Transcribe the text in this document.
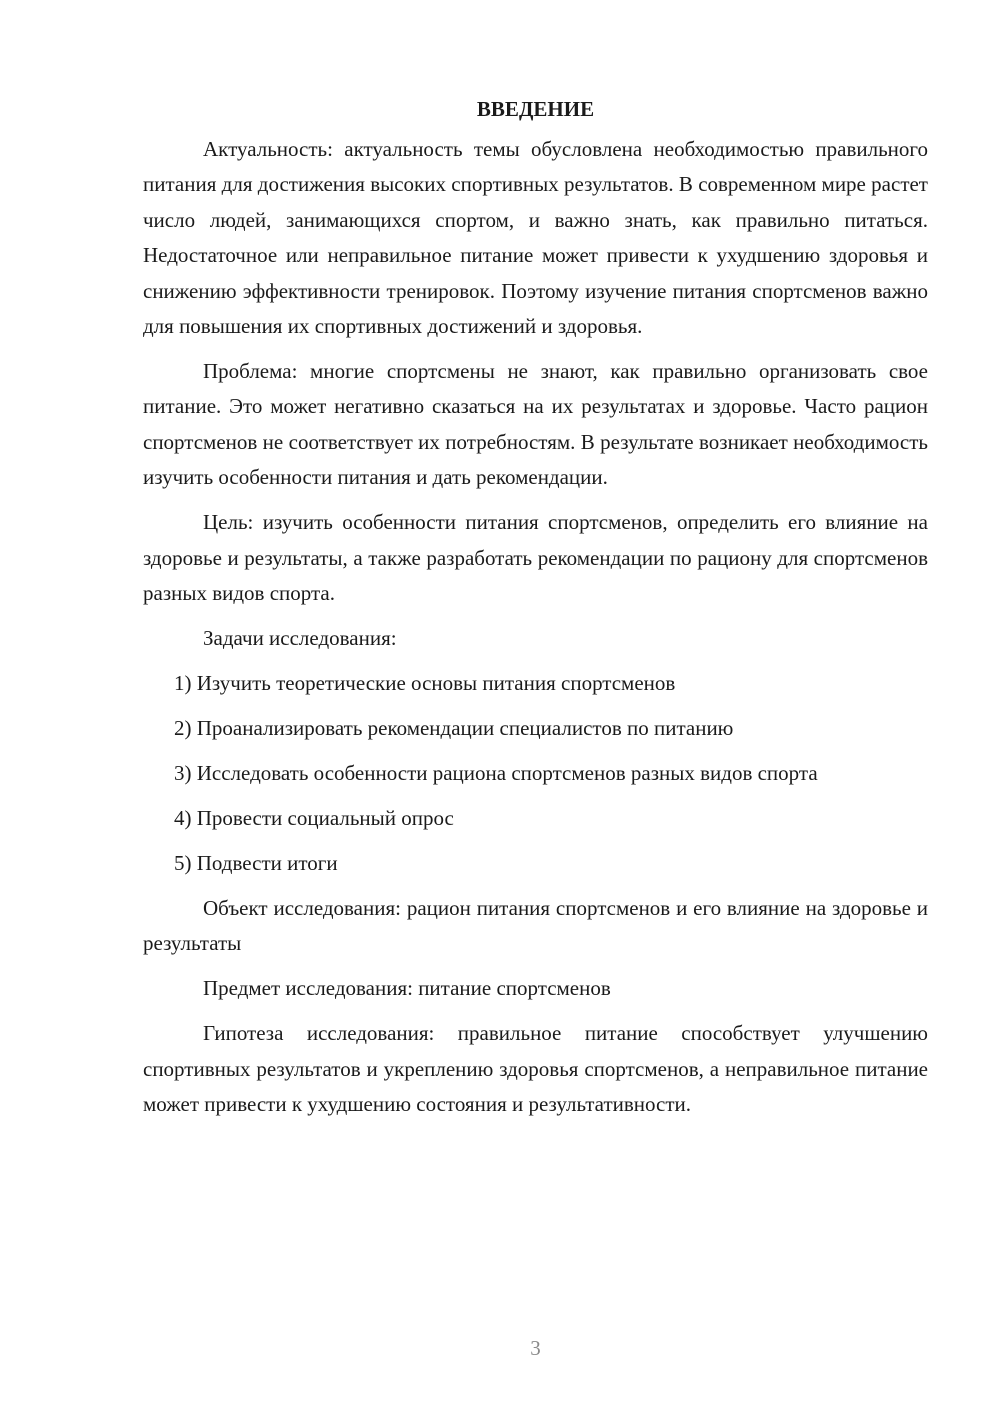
ВВЕДЕНИЕ

Актуальность: актуальность темы обусловлена необходимостью правильного питания для достижения высоких спортивных результатов. В современном мире растет число людей, занимающихся спортом, и важно знать, как правильно питаться. Недостаточное или неправильное питание может привести к ухудшению здоровья и снижению эффективности тренировок. Поэтому изучение питания спортсменов важно для повышения их спортивных достижений и здоровья.

Проблема: многие спортсмены не знают, как правильно организовать свое питание. Это может негативно сказаться на их результатах и здоровье. Часто рацион спортсменов не соответствует их потребностям. В результате возникает необходимость изучить особенности питания и дать рекомендации.

Цель: изучить особенности питания спортсменов, определить его влияние на здоровье и результаты, а также разработать рекомендации по рациону для спортсменов разных видов спорта.

Задачи исследования:

1) Изучить теоретические основы питания спортсменов

2) Проанализировать рекомендации специалистов по питанию

3) Исследовать особенности рациона спортсменов разных видов спорта

4) Провести социальный опрос

5) Подвести итоги

Объект исследования: рацион питания спортсменов и его влияние на здоровье и результаты

Предмет исследования: питание спортсменов

Гипотеза исследования: правильное питание способствует улучшению спортивных результатов и укреплению здоровья спортсменов, а неправильное питание может привести к ухудшению состояния и результативности.

3
